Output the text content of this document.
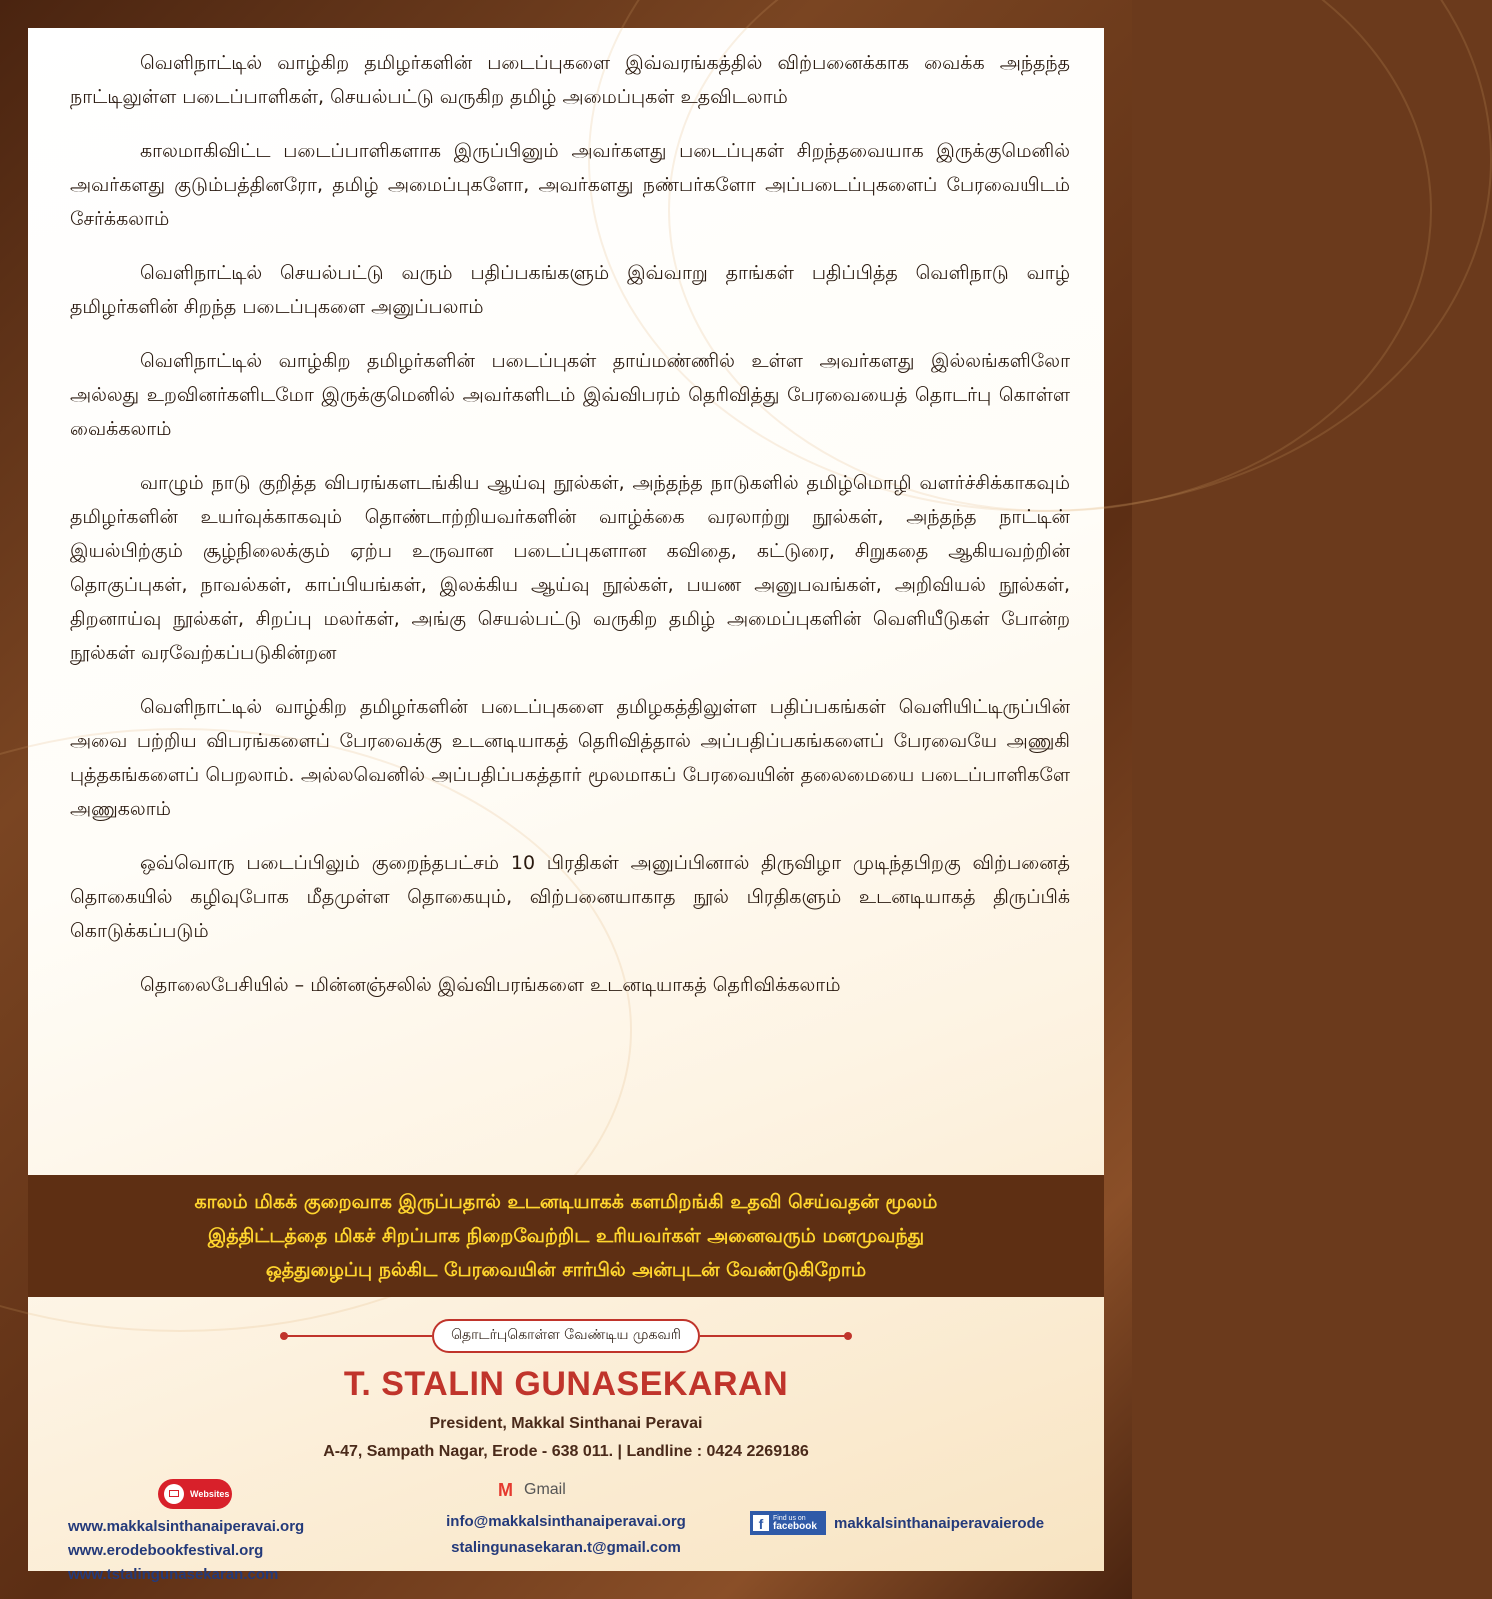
வெளிநாட்டில் வாழ்கிற தமிழர்களின் படைப்புகளை இவ்வரங்கத்தில் விற்பனைக்காக வைக்க அந்தந்த நாட்டிலுள்ள படைப்பாளிகள், செயல்பட்டு வருகிற தமிழ் அமைப்புகள் உதவிடலாம்

காலமாகிவிட்ட படைப்பாளிகளாக இருப்பினும் அவர்களது படைப்புகள் சிறந்தவையாக இருக்குமெனில் அவர்களது குடும்பத்தினரோ, தமிழ் அமைப்புகளோ, அவர்களது நண்பர்களோ அப்படைப்புகளைப் பேரவையிடம் சேர்க்கலாம்

வெளிநாட்டில் செயல்பட்டு வரும் பதிப்பகங்களும் இவ்வாறு தாங்கள் பதிப்பித்த வெளிநாடு வாழ் தமிழர்களின் சிறந்த படைப்புகளை அனுப்பலாம்

வெளிநாட்டில் வாழ்கிற தமிழர்களின் படைப்புகள் தாய்மண்ணில் உள்ள அவர்களது இல்லங்களிலோ அல்லது உறவினர்களிடமோ இருக்குமெனில் அவர்களிடம் இவ்விபரம் தெரிவித்து பேரவையைத் தொடர்பு கொள்ள வைக்கலாம்

வாழும் நாடு குறித்த விபரங்களடங்கிய ஆய்வு நூல்கள், அந்தந்த நாடுகளில் தமிழ்மொழி வளர்ச்சிக்காகவும் தமிழர்களின் உயர்வுக்காகவும் தொண்டாற்றியவர்களின் வாழ்க்கை வரலாற்று நூல்கள், அந்தந்த நாட்டின் இயல்பிற்கும் சூழ்நிலைக்கும் ஏற்ப உருவான படைப்புகளான கவிதை, கட்டுரை, சிறுகதை ஆகியவற்றின் தொகுப்புகள், நாவல்கள், காப்பியங்கள், இலக்கிய ஆய்வு நூல்கள், பயண அனுபவங்கள், அறிவியல் நூல்கள், திறனாய்வு நூல்கள், சிறப்பு மலர்கள், அங்கு செயல்பட்டு வருகிற தமிழ் அமைப்புகளின் வெளியீடுகள் போன்ற நூல்கள் வரவேற்கப்படுகின்றன

வெளிநாட்டில் வாழ்கிற தமிழர்களின் படைப்புகளை தமிழகத்திலுள்ள பதிப்பகங்கள் வெளியிட்டிருப்பின் அவை பற்றிய விபரங்களைப் பேரவைக்கு உடனடியாகத் தெரிவித்தால் அப்பதிப்பகங்களைப் பேரவையே அணுகி புத்தகங்களைப் பெறலாம். அல்லவெனில் அப்பதிப்பகத்தார் மூலமாகப் பேரவையின் தலைமையை படைப்பாளிகளே அணுகலாம்

ஒவ்வொரு படைப்பிலும் குறைந்தபட்சம் 10 பிரதிகள் அனுப்பினால் திருவிழா முடிந்தபிறகு விற்பனைத் தொகையில் கழிவுபோக மீதமுள்ள தொகையும், விற்பனையாகாத நூல் பிரதிகளும் உடனடியாகத் திருப்பிக் கொடுக்கப்படும்

தொலைபேசியில் – மின்னஞ்சலில் இவ்விபரங்களை உடனடியாகத் தெரிவிக்கலாம்

காலம் மிகக் குறைவாக இருப்பதால் உடனடியாகக் களமிறங்கி உதவி செய்வதன் மூலம்
இத்திட்டத்தை மிகச் சிறப்பாக நிறைவேற்றிட உரியவர்கள் அனைவரும் மனமுவந்து
ஒத்துழைப்பு நல்கிட பேரவையின் சார்பில் அன்புடன் வேண்டுகிறோம்
தொடர்புகொள்ள வேண்டிய முகவரி
T. STALIN GUNASEKARAN
President, Makkal Sinthanai Peravai
A-47, Sampath Nagar, Erode - 638 011. | Landline : 0424 2269186
Websites
www.makkalsinthanaiperavai.org
www.erodebookfestival.org
www.tstalingunasekaran.com
M Gmail
info@makkalsinthanaiperavai.org
stalingunasekaran.t@gmail.com
f	Find us on
facebook makkalsinthanaiperavaierode
